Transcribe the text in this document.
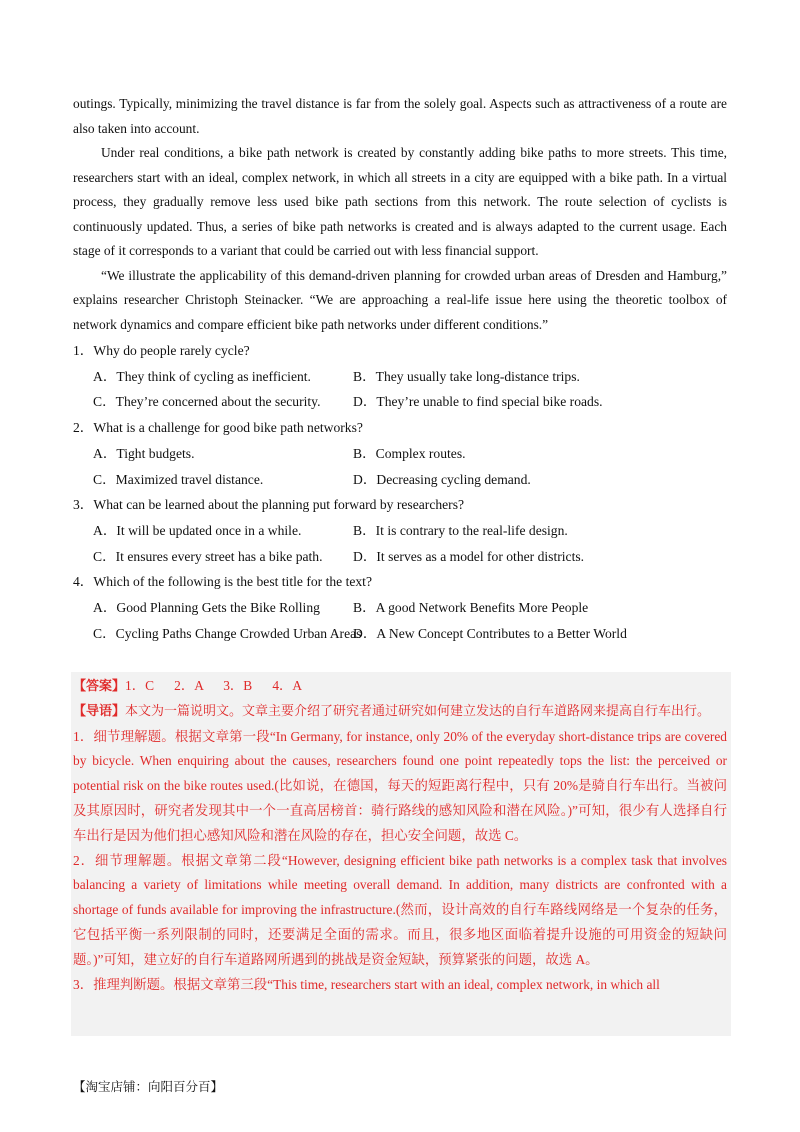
outings. Typically, minimizing the travel distance is far from the solely goal. Aspects such as attractiveness of a route are also taken into account.

Under real conditions, a bike path network is created by constantly adding bike paths to more streets. This time, researchers start with an ideal, complex network, in which all streets in a city are equipped with a bike path. In a virtual process, they gradually remove less used bike path sections from this network. The route selection of cyclists is continuously updated. Thus, a series of bike path networks is created and is always adapted to the current usage. Each stage of it corresponds to a variant that could be carried out with less financial support.

“We illustrate the applicability of this demand-driven planning for crowded urban areas of Dresden and Hamburg,” explains researcher Christoph Steinacker. “We are approaching a real-life issue here using the theoretic toolbox of network dynamics and compare efficient bike path networks under different conditions.”

1．Why do people rarely cycle?

A．They think of cycling as inefficient.	B．They usually take long-distance trips.
C．They’re concerned about the security.	D．They’re unable to find special bike roads.

2．What is a challenge for good bike path networks?

A．Tight budgets.	B．Complex routes.
C．Maximized travel distance.	D．Decreasing cycling demand.

3．What can be learned about the planning put forward by researchers?

A．It will be updated once in a while.	B．It is contrary to the real-life design.
C．It ensures every street has a bike path.	D．It serves as a model for other districts.

4．Which of the following is the best title for the text?

A．Good Planning Gets the Bike Rolling	B．A good Network Benefits More People
C．Cycling Paths Change Crowded Urban Areas
D．A New Concept Contributes to a Better World

【答案】1．C      2．A      3．B      4．A

【导语】本文为一篇说明文。文章主要介绍了研究者通过研究如何建立发达的自行车道路网来提高自行车出行。

1．细节理解题。根据文章第一段“In Germany, for instance, only 20% of the everyday short-distance trips are covered by bicycle. When enquiring about the causes, researchers found one point repeatedly tops the list: the perceived or potential risk on the bike routes used.(比如说，在德国，每天的短距离行程中，只有 20%是骑自行车出行。当被问及其原因时，研究者发现其中一个一直高居榜首：骑行路线的感知风险和潜在风险。)”可知，很少有人选择自行车出行是因为他们担心感知风险和潜在风险的存在，担心安全问题，故选 C。

2．细节理解题。根据文章第二段“However, designing efficient bike path networks is a complex task that involves balancing a variety of limitations while meeting overall demand. In addition, many districts are confronted with a shortage of funds available for improving the infrastructure.(然而，设计高效的自行车路线网络是一个复杂的任务，它包括平衡一系列限制的同时，还要满足全面的需求。而且，很多地区面临着提升设施的可用资金的短缺问题。)”可知，建立好的自行车道路网所遇到的挑战是资金短缺，预算紧张的问题，故选 A。

3．推理判断题。根据文章第三段“This time, researchers start with an ideal, complex network, in which all

【淘宝店铺：向阳百分百】
